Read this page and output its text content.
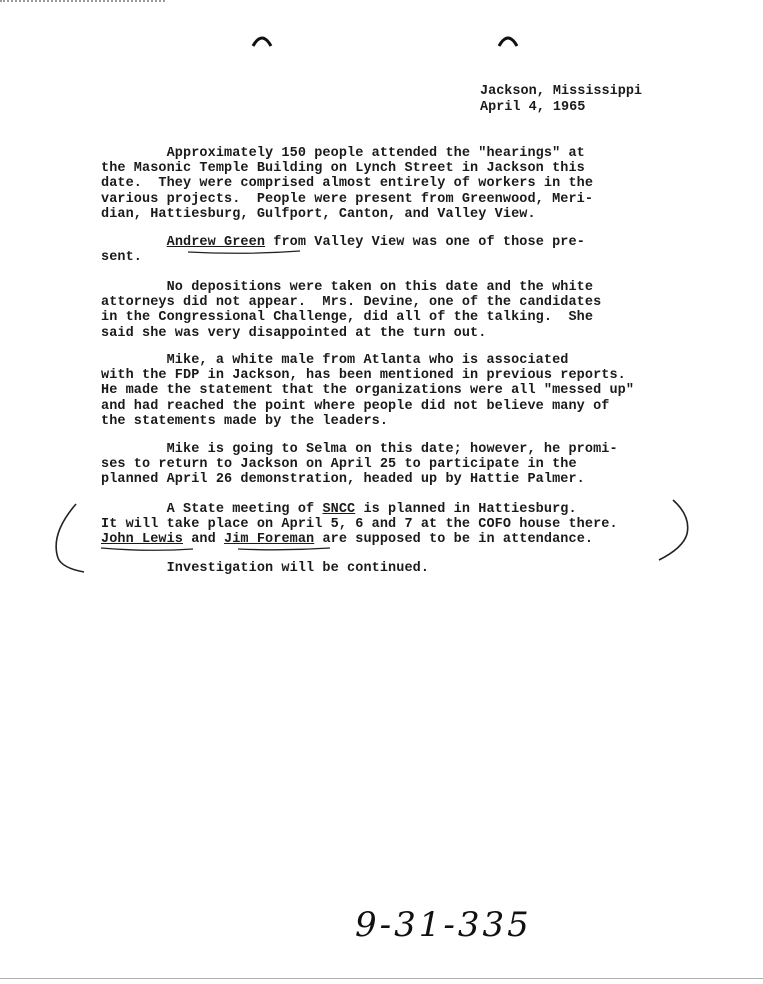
Jackson, Mississippi
April 4, 1965
Approximately 150 people attended the "hearings" at
the Masonic Temple Building on Lynch Street in Jackson this
date.  They were comprised almost entirely of workers in the
various projects.  People were present from Greenwood, Meri-
dian, Hattiesburg, Gulfport, Canton, and Valley View.
Andrew Green from Valley View was one of those pre-
sent.
No depositions were taken on this date and the white
attorneys did not appear.  Mrs. Devine, one of the candidates
in the Congressional Challenge, did all of the talking.  She
said she was very disappointed at the turn out.
Mike, a white male from Atlanta who is associated
with the FDP in Jackson, has been mentioned in previous reports.
He made the statement that the organizations were all "messed up"
and had reached the point where people did not believe many of
the statements made by the leaders.
Mike is going to Selma on this date; however, he promi-
ses to return to Jackson on April 25 to participate in the
planned April 26 demonstration, headed up by Hattie Palmer.
A State meeting of SNCC is planned in Hattiesburg.
It will take place on April 5, 6 and 7 at the COFO house there.
John Lewis and Jim Foreman are supposed to be in attendance.
Investigation will be continued.
9-31-335
